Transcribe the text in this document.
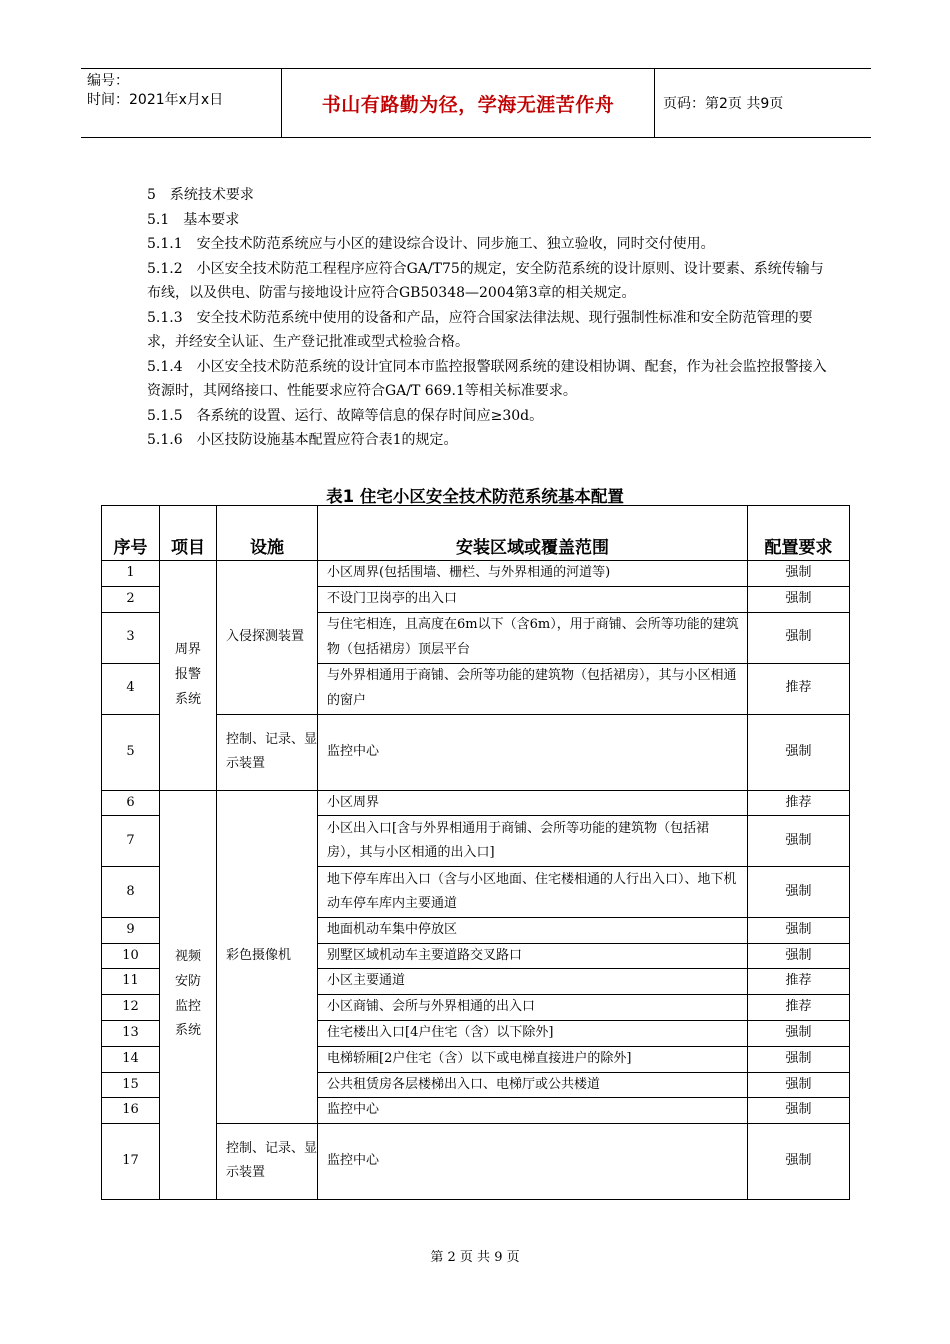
编号：
时间：2021年x月x日	书山有路勤为径，学海无涯苦作舟	页码：第2页 共9页

5 系统技术要求

5.1 基本要求

5.1.1 安全技术防范系统应与小区的建设综合设计、同步施工、独立验收，同时交付使用。

5.1.2 小区安全技术防范工程程序应符合GA/T75的规定，安全防范系统的设计原则、设计要素、系统传输与布线，以及供电、防雷与接地设计应符合GB50348—2004第3章的相关规定。

5.1.3 安全技术防范系统中使用的设备和产品，应符合国家法律法规、现行强制性标准和安全防范管理的要求，并经安全认证、生产登记批准或型式检验合格。

5.1.4 小区安全技术防范系统的设计宜同本市监控报警联网系统的建设相协调、配套，作为社会监控报警接入资源时，其网络接口、性能要求应符合GA/T 669.1等相关标准要求。

5.1.5 各系统的设置、运行、故障等信息的保存时间应≥30d。

5.1.6 小区技防设施基本配置应符合表1的规定。

表1 住宅小区安全技术防范系统基本配置
序号	项目	设施	安装区域或覆盖范围	配置要求
1	周界报警系统	入侵探测装置	小区周界(包括围墙、栅栏、与外界相通的河道等)	强制
2			不设门卫岗亭的出入口	强制
3			与住宅相连，且高度在6m以下（含6m），用于商铺、会所等功能的建筑物（包括裙房）顶层平台	强制
4			与外界相通用于商铺、会所等功能的建筑物（包括裙房），其与小区相通的窗户	推荐
5		控制、记录、显示装置	监控中心	强制
6	视频安防监控系统	彩色摄像机	小区周界	推荐
7			小区出入口[含与外界相通用于商铺、会所等功能的建筑物（包括裙房），其与小区相通的出入口]	强制
8			地下停车库出入口（含与小区地面、住宅楼相通的人行出入口）、地下机动车停车库内主要通道	强制
9			地面机动车集中停放区	强制
10			别墅区域机动车主要道路交叉路口	强制
11			小区主要通道	推荐
12			小区商铺、会所与外界相通的出入口	推荐
13			住宅楼出入口[4户住宅（含）以下除外]	强制
14			电梯轿厢[2户住宅（含）以下或电梯直接进户的除外]	强制
15			公共租赁房各层楼梯出入口、电梯厅或公共楼道	强制
16			监控中心	强制
17		控制、记录、显示装置	监控中心	强制
第 2 页 共 9 页
